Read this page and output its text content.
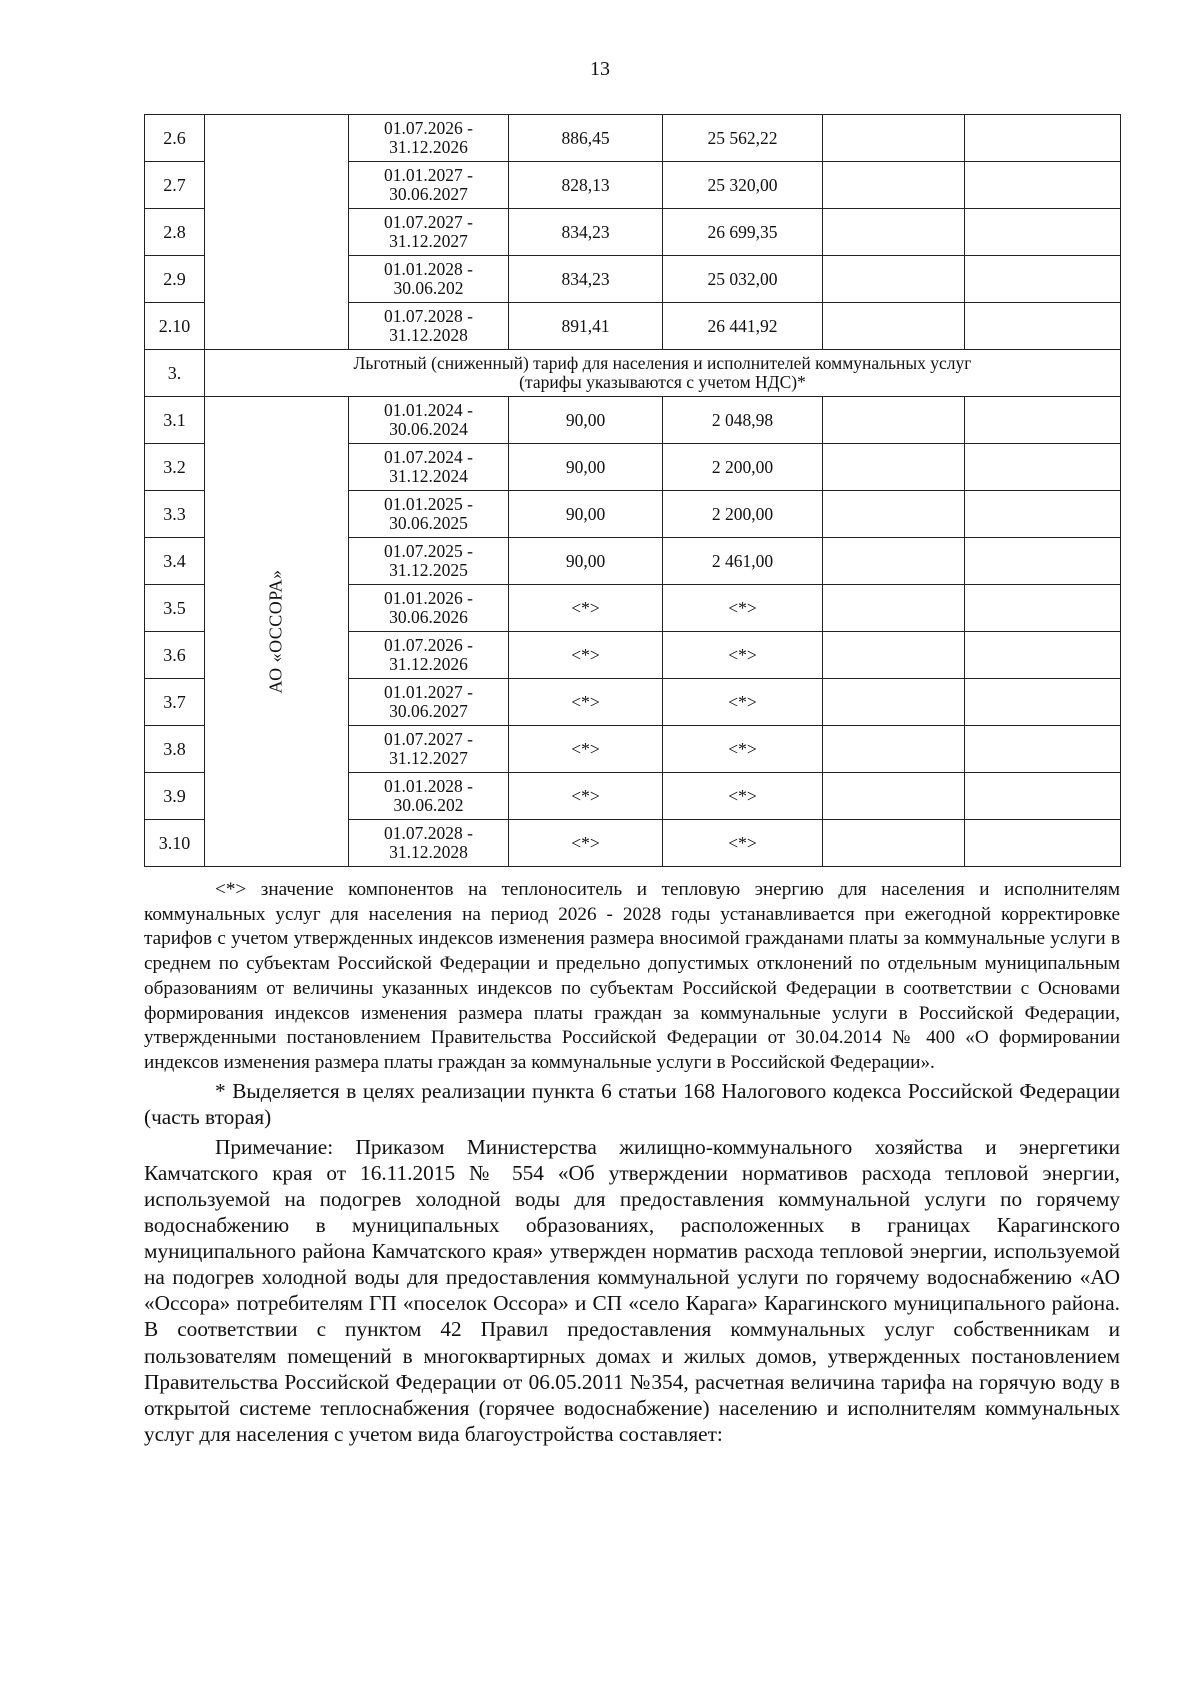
13
2.6		01.07.2026 -
31.12.2026	886,45	25 562,22		
2.7		01.01.2027 -
30.06.2027	828,13	25 320,00		
2.8		01.07.2027 -
31.12.2027	834,23	26 699,35		
2.9		01.01.2028 -
30.06.202	834,23	25 032,00		
2.10		01.07.2028 -
31.12.2028	891,41	26 441,92		
3.	Льготный (сниженный) тариф для населения и исполнителей коммунальных услуг
(тарифы указываются с учетом НДС)*					

3.1	АО «ОССОРА»	01.01.2024 -
30.06.2024	90,00	2 048,98		
3.2		01.07.2024 -
31.12.2024	90,00	2 200,00		
3.3		01.01.2025 -
30.06.2025	90,00	2 200,00		
3.4		01.07.2025 -
31.12.2025	90,00	2 461,00		
3.5		01.01.2026 -
30.06.2026	<*>	<*>		
3.6		01.07.2026 -
31.12.2026	<*>	<*>		
3.7		01.01.2027 -
30.06.2027	<*>	<*>		
3.8		01.07.2027 -
31.12.2027	<*>	<*>		
3.9		01.01.2028 -
30.06.202	<*>	<*>		
3.10		01.07.2028 -
31.12.2028	<*>	<*>		

<*> значение компонентов на теплоноситель и тепловую энергию для населения и исполнителям коммунальных услуг для населения на период 2026 - 2028 годы устанавливается при ежегодной корректировке тарифов с учетом утвержденных индексов изменения размера вносимой гражданами платы за коммунальные услуги в среднем по субъектам Российской Федерации и предельно допустимых отклонений по отдельным муниципальным образованиям от величины указанных индексов по субъектам Российской Федерации в соответствии с Основами формирования индексов изменения размера платы граждан за коммунальные услуги в Российской Федерации, утвержденными постановлением Правительства Российской Федерации от 30.04.2014 № 400 «О формировании индексов изменения размера платы граждан за коммунальные услуги в Российской Федерации».

* Выделяется в целях реализации пункта 6 статьи 168 Налогового кодекса Российской Федерации (часть вторая)

Примечание: Приказом Министерства жилищно-коммунального хозяйства и энергетики Камчатского края от 16.11.2015 № 554 «Об утверждении нормативов расхода тепловой энергии, используемой на подогрев холодной воды для предоставления коммунальной услуги по горячему водоснабжению в муниципальных образованиях, расположенных в границах Карагинского муниципального района Камчатского края» утвержден норматив расхода тепловой энергии, используемой на подогрев холодной воды для предоставления коммунальной услуги по горячему водоснабжению «АО «Оссора» потребителям ГП «поселок Оссора» и СП «село Карага» Карагинского муниципального района. В соответствии с пунктом 42 Правил предоставления коммунальных услуг собственникам и пользователям помещений в многоквартирных домах и жилых домов, утвержденных постановлением Правительства Российской Федерации от 06.05.2011 №354, расчетная величина тарифа на горячую воду в открытой системе теплоснабжения (горячее водоснабжение) населению и исполнителям коммунальных услуг для населения с учетом вида благоустройства составляет:
